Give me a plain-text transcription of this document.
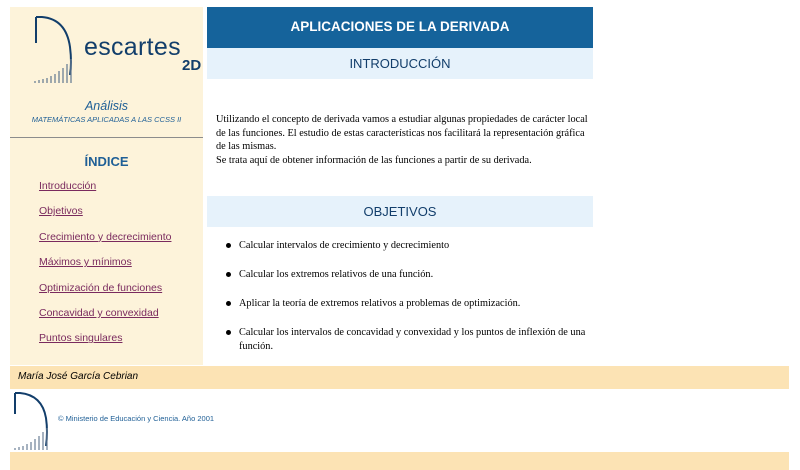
escartes
2D
Análisis
MATEMÁTICAS APLICADAS A LAS CCSS II
ÍNDICE
Introducción
Objetivos
Crecimiento y decrecimiento
Máximos y mínimos
Optimización de funciones
Concavidad y convexidad
Puntos singulares
APLICACIONES DE LA DERIVADA
INTRODUCCIÓN

Utilizando el concepto de derivada vamos a estudiar algunas propiedades de carácter local de las funciones. El estudio de estas características nos facilitará la representación gráfica de las mismas.
Se trata aquí de obtener información de las funciones a partir de su derivada.

OBJETIVOS
Calcular intervalos de crecimiento y decrecimiento
Calcular los extremos relativos de una función.
Aplicar la teoría de extremos relativos a problemas de optimización.
Calcular los intervalos de concavidad y convexidad y los puntos de inflexión de una función.
María José García Cebrian
© Ministerio de Educación y Ciencia. Año 2001
